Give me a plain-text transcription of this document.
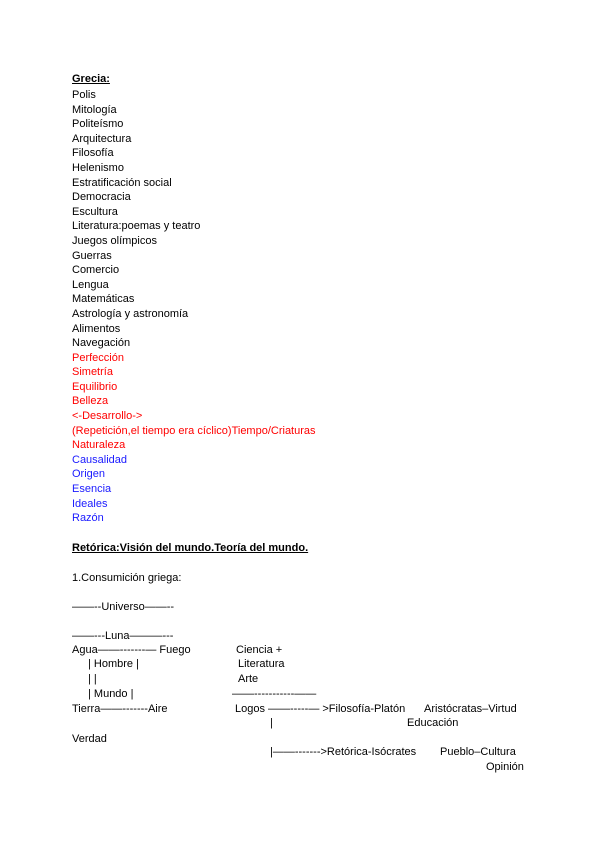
Grecia:
Polis
Mitología
Politeísmo
Arquitectura
Filosofía
Helenismo
Estratificación social
Democracia
Escultura
Literatura:poemas y teatro
Juegos olímpicos
Guerras
Comercio
Lengua
Matemáticas
Astrología y astronomía
Alimentos
Navegación
Perfección
Simetría
Equilibrio
Belleza
<-Desarrollo->
(Repetición,el tiempo era cíclico)Tiempo/Criaturas
Naturaleza
Causalidad
Origen
Esencia
Ideales
Razón
Retórica:Visión del mundo.Teoría del mundo.
1.Consumición griega:
——--Universo——--
——---Luna———---
Agua——-------— Fuego
| Hombre |
| |
| Mundo |
Tierra——-------Aire
Ciencia +
Literatura
Arte
——-----------——
Logos ——-----— >Filosofía-Platón
|
Aristócratas–Virtud
Educación
Verdad
|——------->Retórica-Isócrates Pueblo–Cultura
Opinión
